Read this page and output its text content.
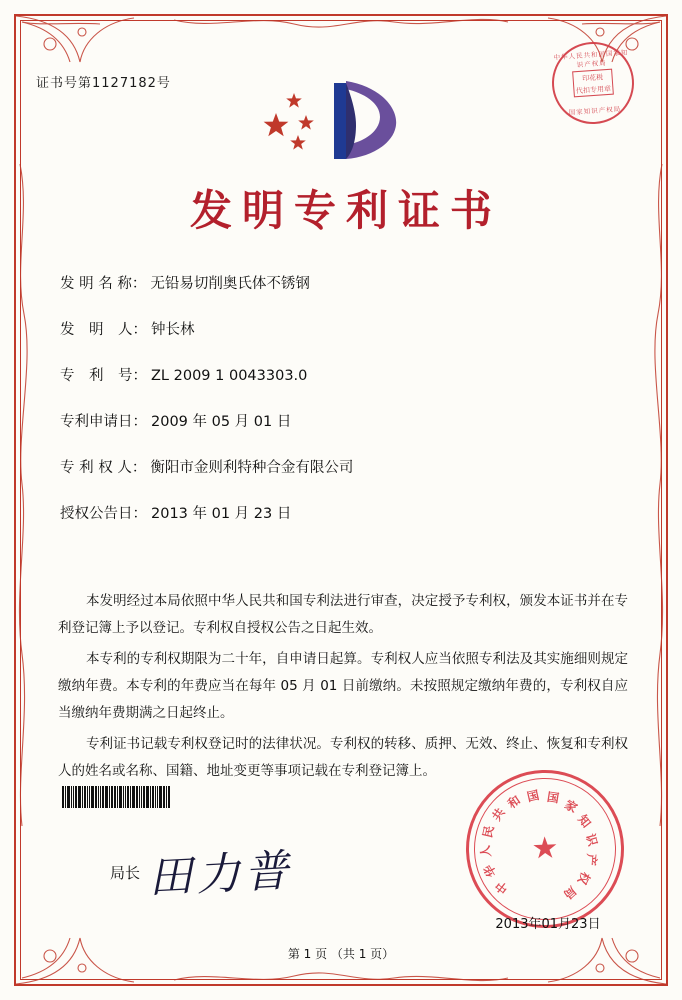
证书号第1127182号
中华人民共和国国家知识产权局
印花税
代扣专用章
国家知识产权局
发明专利证书
发 明 名 称： 无铅易切削奥氏体不锈钢
发　明　人： 钟长林
专　利　号： ZL 2009 1 0043303.0
专利申请日： 2009 年 05 月 01 日
专 利 权 人： 衡阳市金则利特种合金有限公司
授权公告日： 2013 年 01 月 23 日

本发明经过本局依照中华人民共和国专利法进行审查，决定授予专利权，颁发本证书并在专利登记簿上予以登记。专利权自授权公告之日起生效。

本专利的专利权期限为二十年，自申请日起算。专利权人应当依照专利法及其实施细则规定缴纳年费。本专利的年费应当在每年 05 月 01 日前缴纳。未按照规定缴纳年费的，专利权自应当缴纳年费期满之日起终止。

专利证书记载专利权登记时的法律状况。专利权的转移、质押、无效、终止、恢复和专利权人的姓名或名称、国籍、地址变更等事项记载在专利登记簿上。

局长 田力普	★
中
华
人
民
共
和 国 国 家
知
识
产
权
局
2013年01月23日
第 1 页 （共 1 页）
